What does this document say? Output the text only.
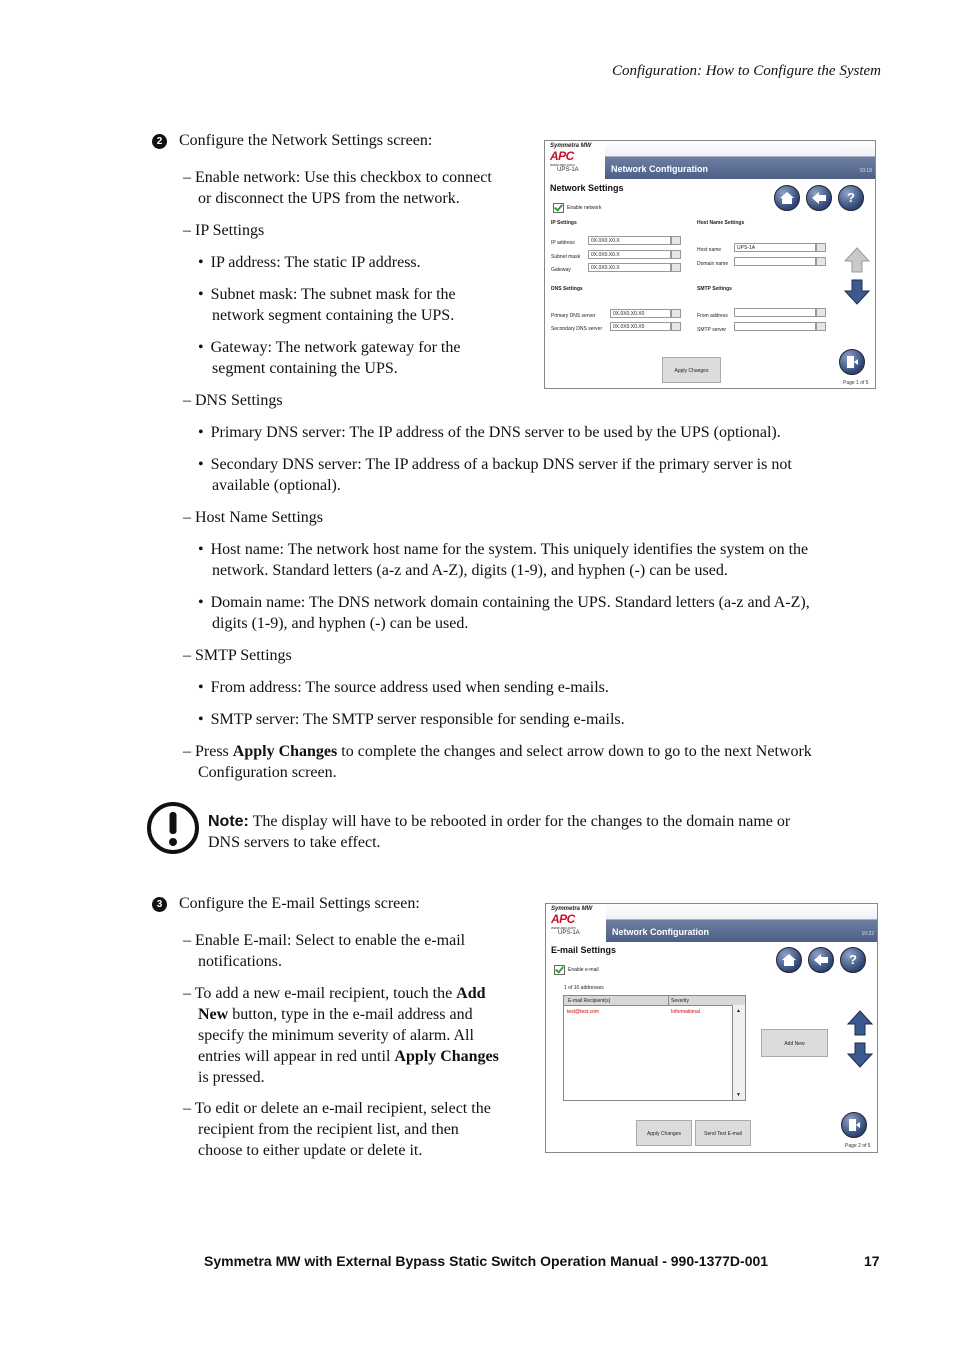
Configuration: How to Configure the System
2 Configure the Network Settings screen:
– Enable network: Use this checkbox to connect
or disconnect the UPS from the network.
– IP Settings
• IP address: The static IP address.
• Subnet mask: The subnet mask for the
network segment containing the UPS.
• Gateway: The network gateway for the
segment containing the UPS.
– DNS Settings
• Primary DNS server: The IP address of the DNS server to be used by the UPS (optional).
• Secondary DNS server: The IP address of a backup DNS server if the primary server is not
available (optional).
– Host Name Settings
• Host name: The network host name for the system. This uniquely identifies the system on the
network. Standard letters (a-z and A-Z), digits (1-9), and hyphen (-) can be used.
• Domain name: The DNS network domain containing the UPS. Standard letters (a-z and A-Z),
digits (1-9), and hyphen (-) can be used.
– SMTP Settings
• From address: The source address used when sending e-mails.
• SMTP server: The SMTP server responsible for sending e-mails.
– Press Apply Changes to complete the changes and select arrow down to go to the next Network
Configuration screen.
Note: The display will have to be rebooted in order for the changes to the domain name or
DNS servers to take effect.
3 Configure the E-mail Settings screen:
– Enable E-mail: Select to enable the e-mail
notifications.
– To add a new e-mail recipient, touch the Add
New button, type in the e-mail address and
specify the minimum severity of alarm. All
entries will appear in red until Apply Changes
is pressed.
– To edit or delete an e-mail recipient, select the
recipient from the recipient list, and then
choose to either update or delete it.
Symmetra MW
APC
www.apc.com
UPS-1A	Network Configuration
Normal
10:18
Network Settings
Enable network
?
IP Settings	Host Name Settings
IP address	0X.0X0.X0.X
Subnet mask	0X.0X0.X0.X
Gateway	0X.0X0.X0.X
Host name	UPS-1A
Domain name
DNS Settings	SMTP Settings
Primary DNS server	0X.0X0.X0.X0
Secondary DNS server	0X.0X0.X0.X0
From address
SMTP server
Apply Changes
Page 1 of 5
Symmetra MW
APC
www.apc.com
UPS-1A	Network Configuration
Normal
10:22
E-mail Settings
Enable e-mail
?
1 of 10 addresses
E-mail Recipient(s)	Severity
test@test.com	Informational	▲
▼
Add New
Apply Changes	Send Test E-mail
Page 2 of 5
Symmetra MW with External Bypass Static Switch Operation Manual - 990-1377D-001	17
